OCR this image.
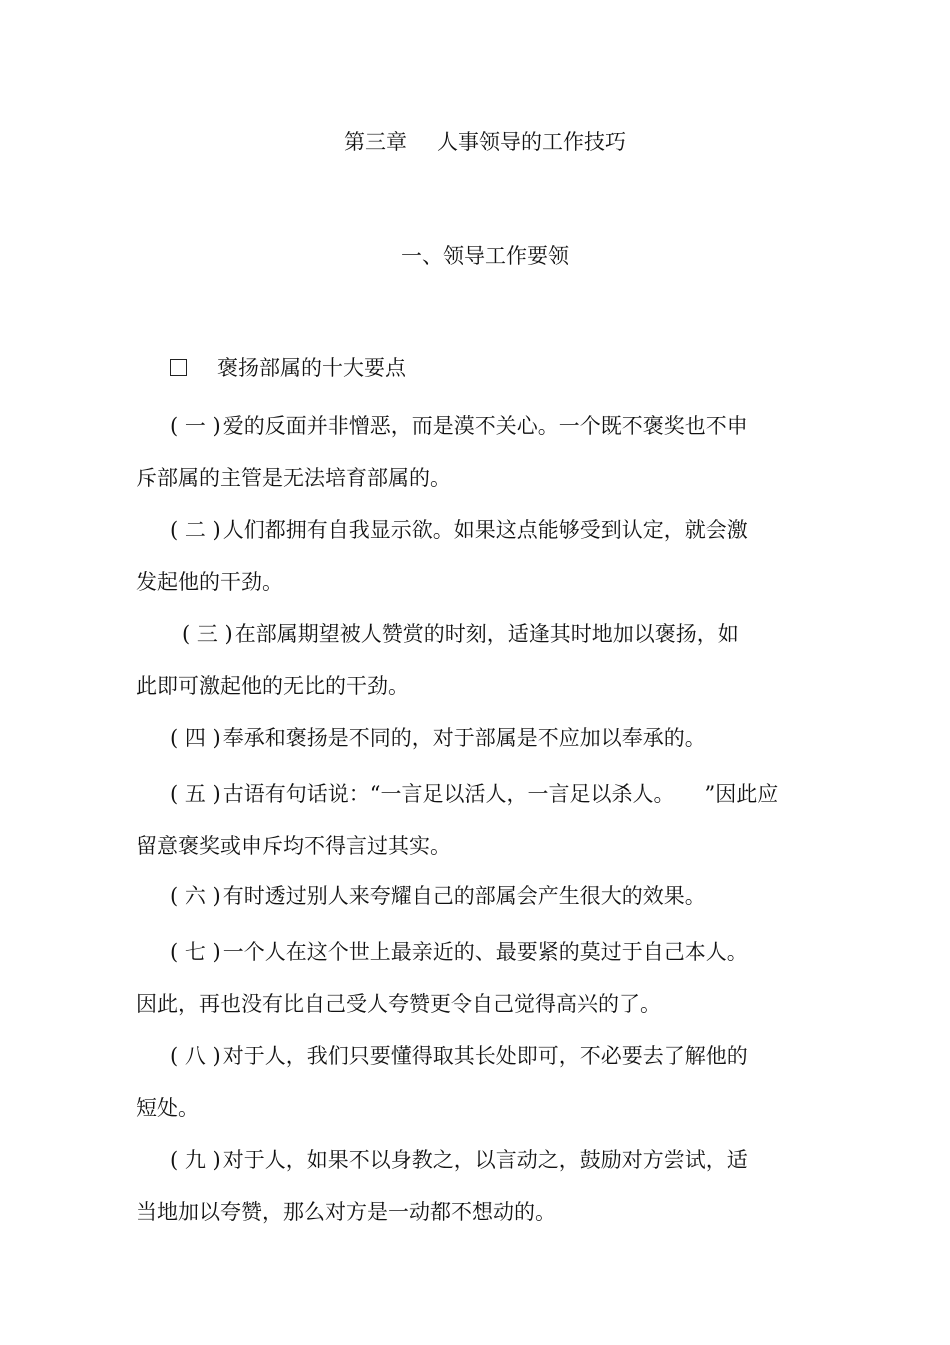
第三章 人事领导的工作技巧
一、领导工作要领
褒扬部属的十大要点
( 一 )爱的反面并非憎恶，而是漠不关心。一个既不褒奖也不申
斥部属的主管是无法培育部属的。
( 二 )人们都拥有自我显示欲。如果这点能够受到认定，就会激
发起他的干劲。
( 三 )在部属期望被人赞赏的时刻，适逢其时地加以褒扬，如
此即可激起他的无比的干劲。
( 四 )奉承和褒扬是不同的，对于部属是不应加以奉承的。
( 五 )古语有句话说：“一言足以活人，一言足以杀人。 ”因此应
留意褒奖或申斥均不得言过其实。
( 六 )有时透过别人来夸耀自己的部属会产生很大的效果。
( 七 )一个人在这个世上最亲近的、最要紧的莫过于自己本人。
因此，再也没有比自己受人夸赞更令自己觉得高兴的了。
( 八 )对于人，我们只要懂得取其长处即可，不必要去了解他的
短处。
( 九 )对于人，如果不以身教之，以言动之，鼓励对方尝试，适
当地加以夸赞，那么对方是一动都不想动的。
